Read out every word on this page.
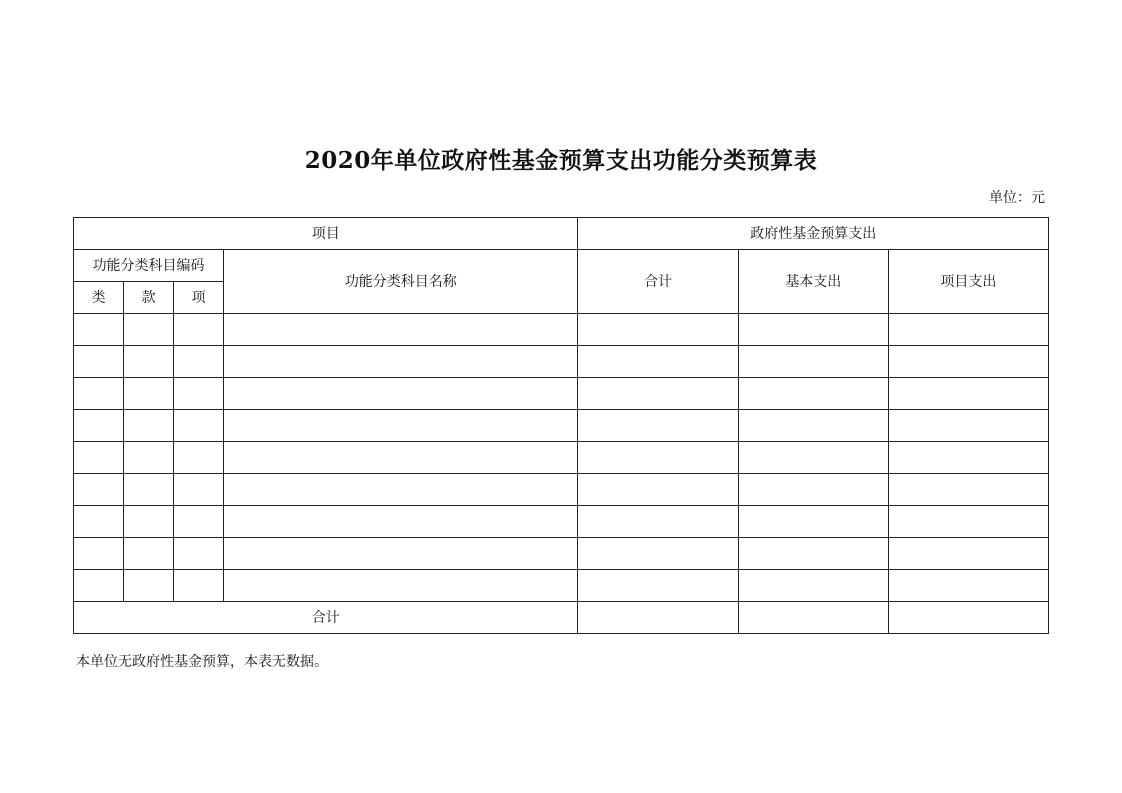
2020年单位政府性基金预算支出功能分类预算表
单位：元
项目				政府性基金预算支出		
功能分类科目编码			功能分类科目名称	合计	基本支出	项目支出
类	款	项				

合计						
本单位无政府性基金预算，本表无数据。
